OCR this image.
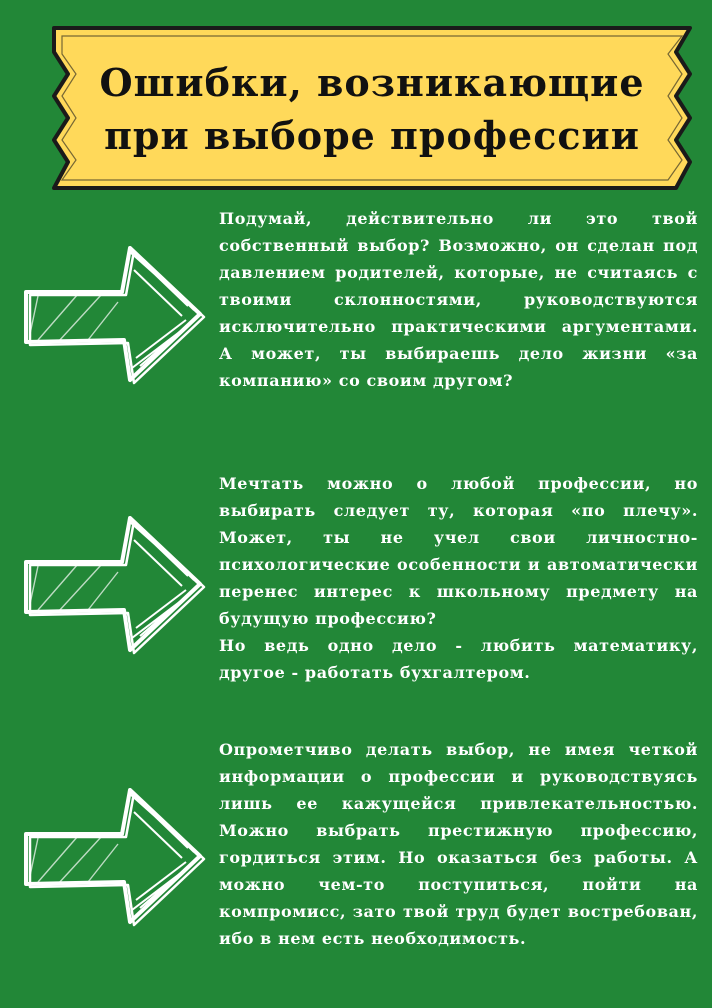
Ошибки, возникающие
при выборе профессии
Подумай, действительно ли это твой собственный выбор? Возможно, он сделан под давлением родителей, которые, не считаясь с твоими склонностями, руководствуются исключительно практическими аргументами. А может, ты выбираешь дело жизни «за компанию» со своим другом?
Мечтать можно о любой профессии, но выбирать следует ту, которая «по плечу». Может, ты не учел свои личностно-психологические особенности и автоматически перенес интерес к школьному предмету на будущую профессию?
Но ведь одно дело - любить математику, другое - работать бухгалтером.
Опрометчиво делать выбор, не имея четкой информации о профессии и руководствуясь лишь ее кажущейся привлекательностью. Можно выбрать престижную профессию, гордиться этим. Но оказаться без работы. А можно чем-то поступиться, пойти на компромисс, зато твой труд будет востребован, ибо в нем есть необходимость.
